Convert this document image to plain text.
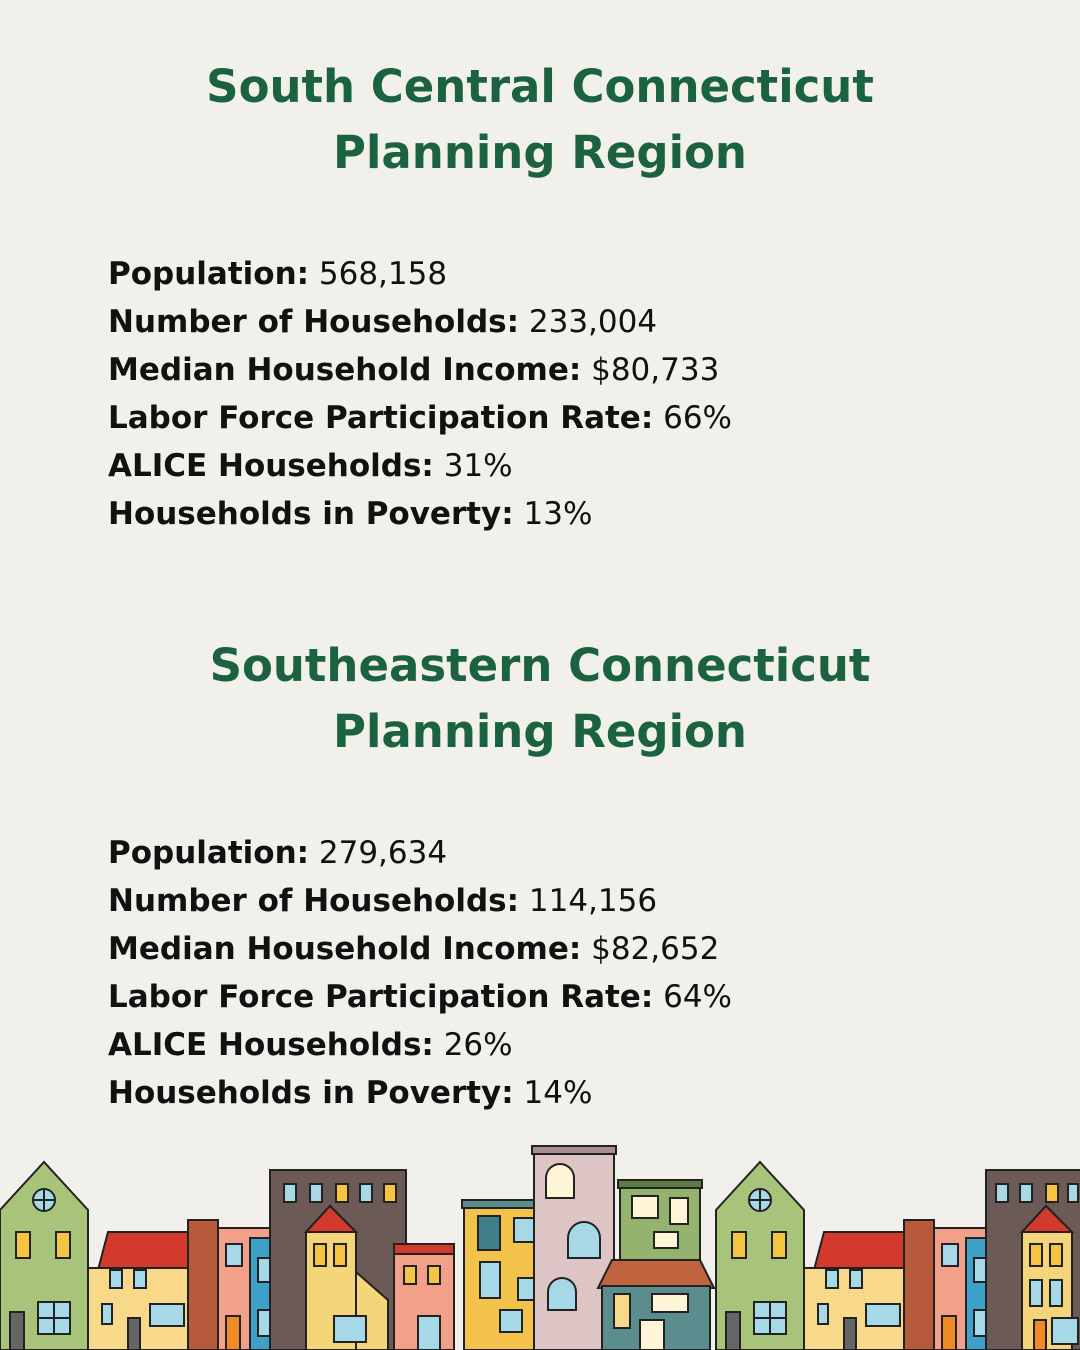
South Central Connecticut
Planning Region
Population: 568,158
Number of Households: 233,004
Median Household Income: $80,733
Labor Force Participation Rate: 66%
ALICE Households: 31%
Households in Poverty: 13%
Southeastern Connecticut
Planning Region
Population: 279,634
Number of Households: 114,156
Median Household Income: $82,652
Labor Force Participation Rate: 64%
ALICE Households: 26%
Households in Poverty: 14%
